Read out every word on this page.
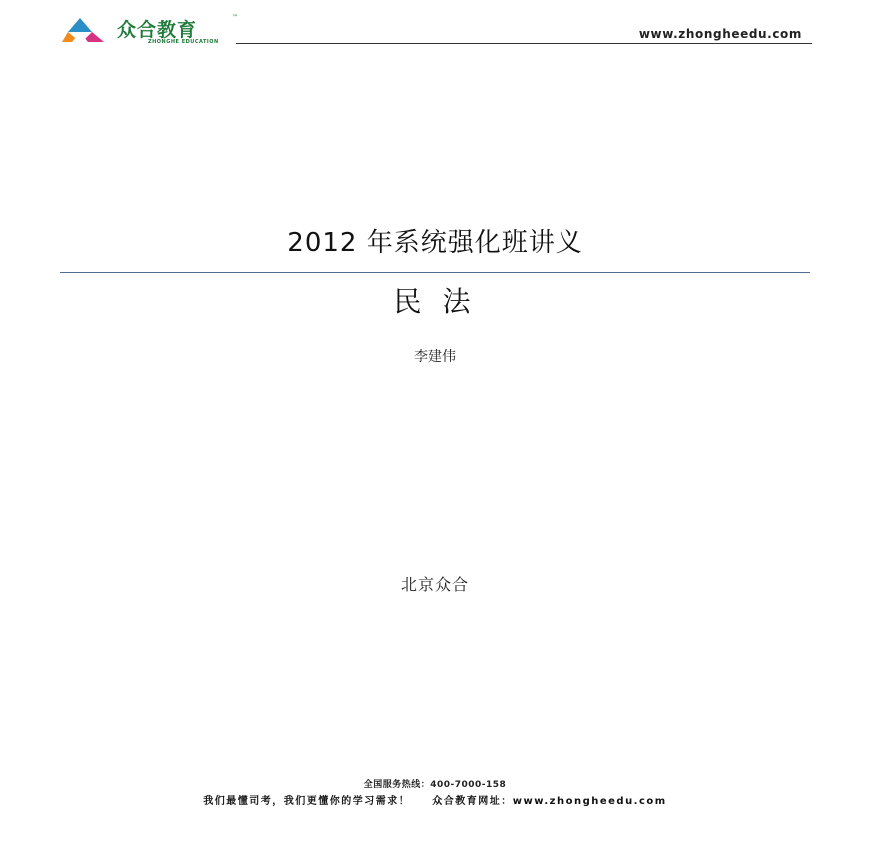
众合教育
™
ZHONGHE EDUCATION
www.zhongheedu.com
2012 年系统强化班讲义
民 法
李建伟
北京众合
全国服务热线：400-7000-158
我们最懂司考，我们更懂你的学习需求！ 众合教育网址：www.zhongheedu.com
